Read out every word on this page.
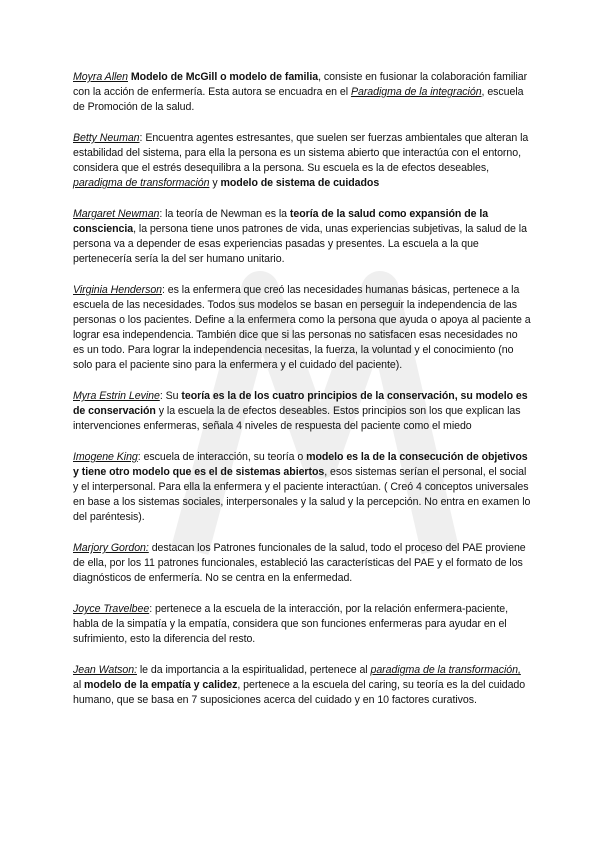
Moyra Allen Modelo de McGill o modelo de familia, consiste en fusionar la colaboración familiar con la acción de enfermería. Esta autora se encuadra en el Paradigma de la integración, escuela de Promoción de la salud.

Betty Neuman: Encuentra agentes estresantes, que suelen ser fuerzas ambientales que alteran la estabilidad del sistema, para ella la persona es un sistema abierto que interactúa con el entorno, considera que el estrés desequilibra a la persona. Su escuela es la de efectos deseables, paradigma de transformación y modelo de sistema de cuidados

Margaret Newman: la teoría de Newman es la teoría de la salud como expansión de la consciencia, la persona tiene unos patrones de vida, unas experiencias subjetivas, la salud de la persona va a depender de esas experiencias pasadas y presentes. La escuela a la que pertenecería sería la del ser humano unitario.

Virginia Henderson: es la enfermera que creó las necesidades humanas básicas, pertenece a la escuela de las necesidades. Todos sus modelos se basan en perseguir la independencia de las personas o los pacientes. Define a la enfermera como la persona que ayuda o apoya al paciente a lograr esa independencia. También dice que si las personas no satisfacen esas necesidades no es un todo. Para lograr la independencia necesitas, la fuerza, la voluntad y el conocimiento (no solo para el paciente sino para la enfermera y el cuidado del paciente).

Myra Estrin Levine: Su teoría es la de los cuatro principios de la conservación, su modelo es de conservación y la escuela la de efectos deseables. Estos principios son los que explican las intervenciones enfermeras, señala 4 niveles de respuesta del paciente como el miedo

Imogene King: escuela de interacción, su teoría o modelo es la de la consecución de objetivos y tiene otro modelo que es el de sistemas abiertos, esos sistemas serían el personal, el social y el interpersonal. Para ella la enfermera y el paciente interactúan. ( Creó 4 conceptos universales en base a los sistemas sociales, interpersonales y la salud y la percepción. No entra en examen lo del paréntesis).

Marjory Gordon: destacan los Patrones funcionales de la salud, todo el proceso del PAE proviene de ella, por los 11 patrones funcionales, estableció las características del PAE y el formato de los diagnósticos de enfermería. No se centra en la enfermedad.

Joyce Travelbee: pertenece a la escuela de la interacción, por la relación enfermera-paciente, habla de la simpatía y la empatía, considera que son funciones enfermeras para ayudar en el sufrimiento, esto la diferencia del resto.

Jean Watson: le da importancia a la espiritualidad, pertenece al paradigma de la transformación, al modelo de la empatía y calidez, pertenece a la escuela del caring, su teoría es la del cuidado humano, que se basa en 7 suposiciones acerca del cuidado y en 10 factores curativos.
